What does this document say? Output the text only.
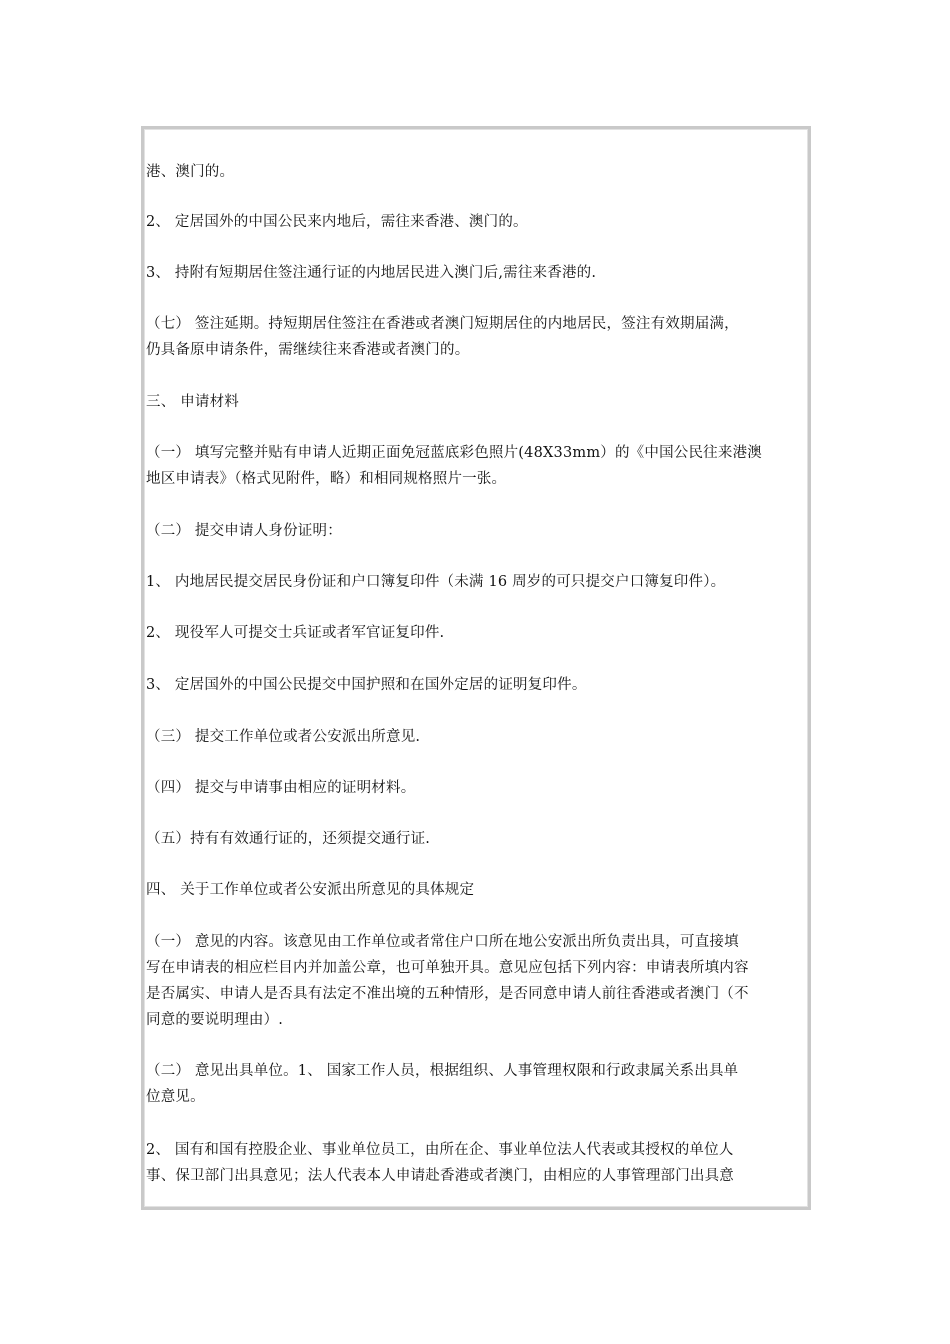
港、澳门的。

2、 定居国外的中国公民来内地后，需往来香港、澳门的。

3、 持附有短期居住签注通行证的内地居民进入澳门后,需往来香港的.

（七） 签注延期。持短期居住签注在香港或者澳门短期居住的内地居民，签注有效期届满，
仍具备原申请条件，需继续往来香港或者澳门的。

三、 申请材料

（一） 填写完整并贴有申请人近期正面免冠蓝底彩色照片(48X33mm）的《中国公民往来港澳
地区申请表》（格式见附件，略）和相同规格照片一张。

（二） 提交申请人身份证明：

1、 内地居民提交居民身份证和户口簿复印件（未满 16 周岁的可只提交户口簿复印件）。

2、 现役军人可提交士兵证或者军官证复印件.

3、 定居国外的中国公民提交中国护照和在国外定居的证明复印件。

（三） 提交工作单位或者公安派出所意见.

（四） 提交与申请事由相应的证明材料。

（五）持有有效通行证的，还须提交通行证.

四、 关于工作单位或者公安派出所意见的具体规定

（一） 意见的内容。该意见由工作单位或者常住户口所在地公安派出所负责出具，可直接填
写在申请表的相应栏目内并加盖公章，也可单独开具。意见应包括下列内容：申请表所填内容
是否属实、申请人是否具有法定不准出境的五种情形，是否同意申请人前往香港或者澳门（不
同意的要说明理由）.

（二） 意见出具单位。1、 国家工作人员，根据组织、人事管理权限和行政隶属关系出具单
位意见。

2、 国有和国有控股企业、事业单位员工，由所在企、事业单位法人代表或其授权的单位人
事、保卫部门出具意见；法人代表本人申请赴香港或者澳门，由相应的人事管理部门出具意
